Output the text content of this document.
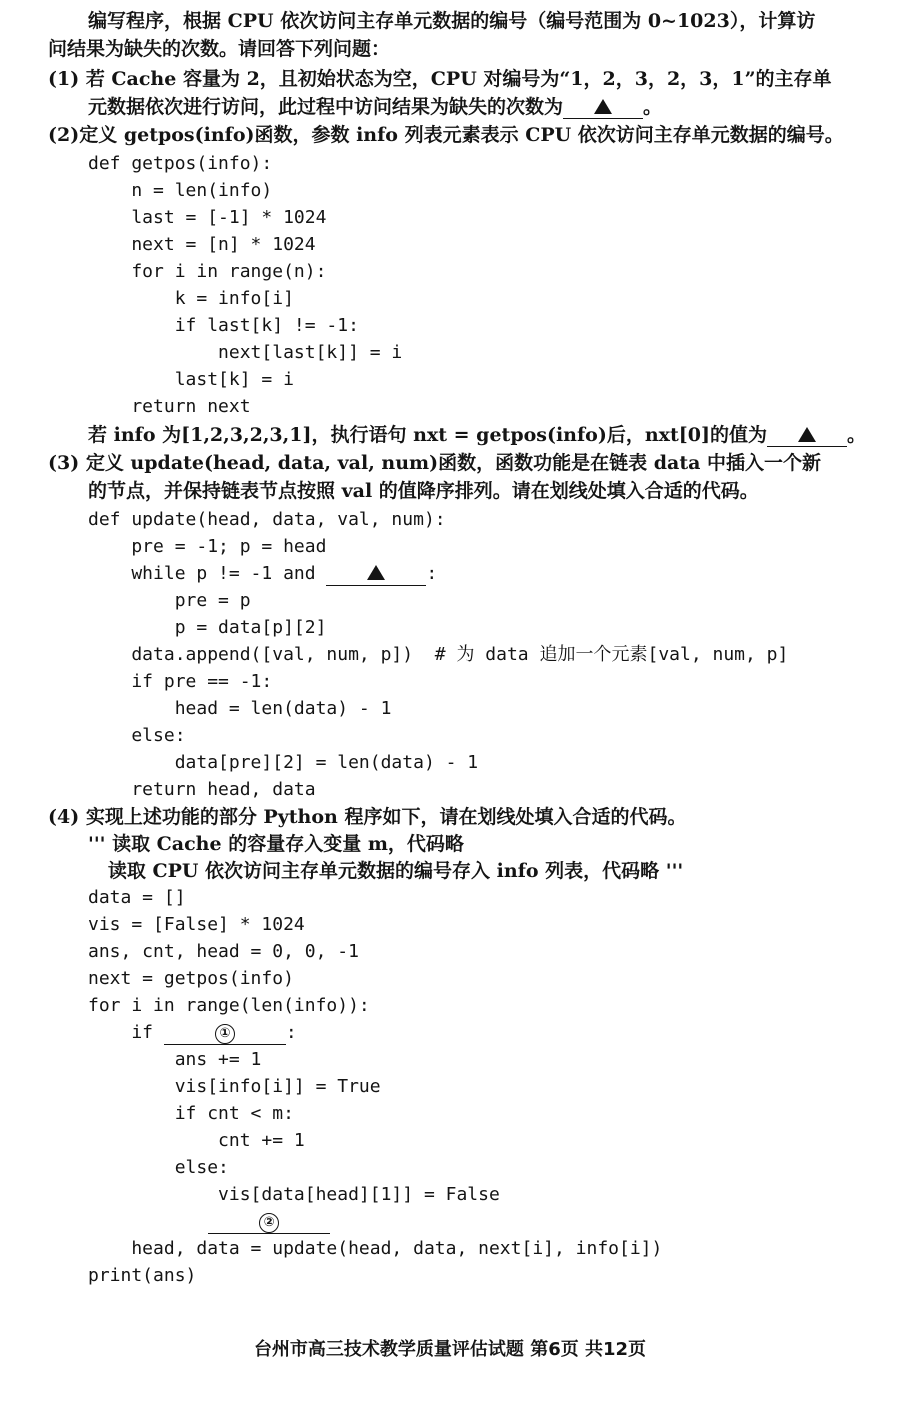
编写程序，根据 CPU 依次访问主存单元数据的编号（编号范围为 0~1023），计算访
问结果为缺失的次数。请回答下列问题：
(1) 若 Cache 容量为 2，且初始状态为空，CPU 对编号为“1，2，3，2，3，1”的主存单
元数据依次进行访问，此过程中访问结果为缺失的次数为	。
(2)定义 getpos(info)函数，参数 info 列表元素表示 CPU 依次访问主存单元数据的编号。
def getpos(info):
n = len(info)
last = [-1] * 1024
next = [n] * 1024
for i in range(n):
k = info[i]
if last[k] != -1:
next[last[k]] = i
last[k] = i
return next
若 info 为[1,2,3,2,3,1]，执行语句 nxt = getpos(info)后，nxt[0]的值为	。
(3) 定义 update(head, data, val, num)函数，函数功能是在链表 data 中插入一个新
的节点，并保持链表节点按照 val 的值降序排列。请在划线处填入合适的代码。
def update(head, data, val, num):
pre = -1; p = head
while p != -1 and	:
pre = p
p = data[p][2]
data.append([val, num, p])  # 为 data 追加一个元素[val, num, p]
if pre == -1:
head = len(data) - 1
else:
data[pre][2] = len(data) - 1
return head, data
(4) 实现上述功能的部分 Python 程序如下，请在划线处填入合适的代码。
''' 读取 Cache 的容量存入变量 m，代码略
读取 CPU 依次访问主存单元数据的编号存入 info 列表，代码略 '''
data = []
vis = [False] * 1024
ans, cnt, head = 0, 0, -1
next = getpos(info)
for i in range(len(info)):
if	①	:
ans += 1
vis[info[i]] = True
if cnt < m:
cnt += 1
else:
vis[data[head][1]] = False
②
head, data = update(head, data, next[i], info[i])
print(ans)
台州市高三技术教学质量评估试题 第6页 共12页
